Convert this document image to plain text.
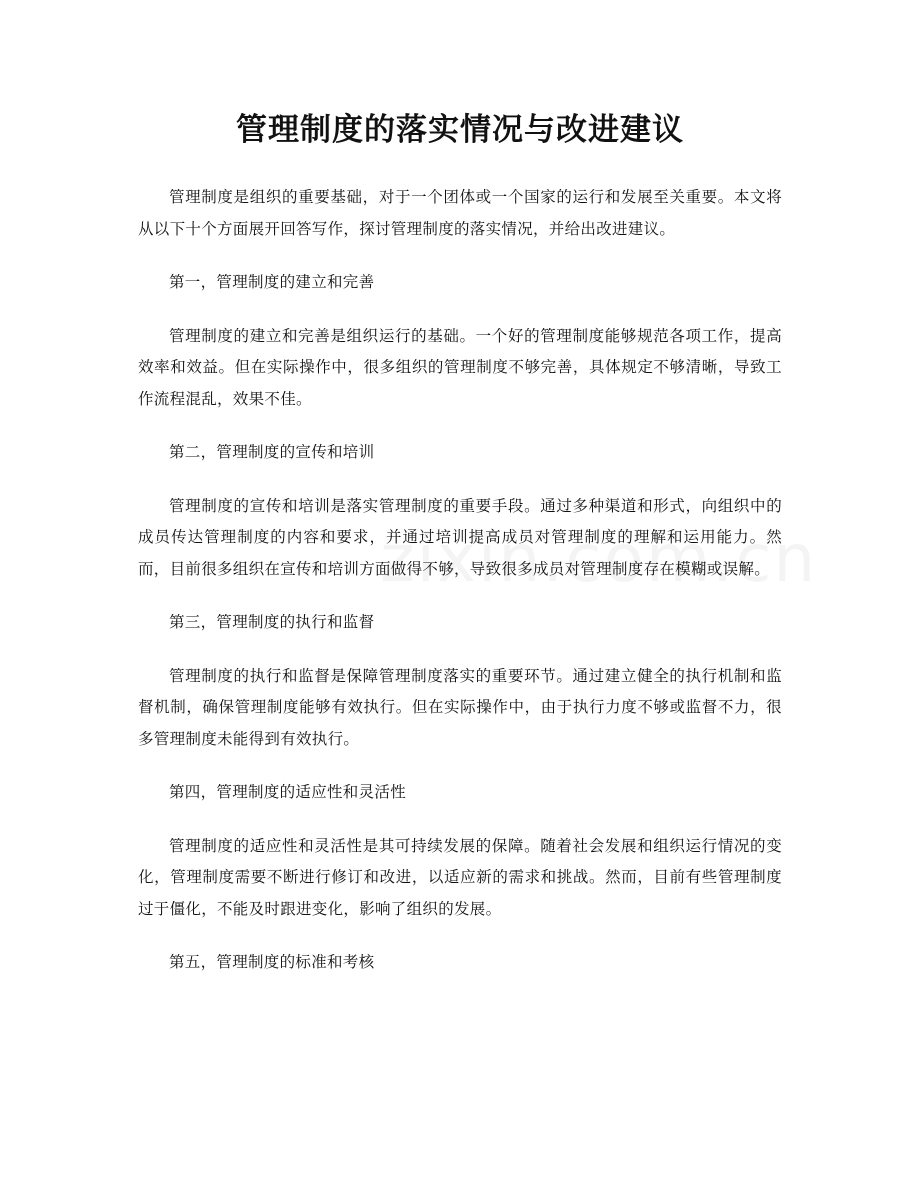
管理制度的落实情况与改进建议

管理制度是组织的重要基础，对于一个团体或一个国家的运行和发展至关重要。本文将从以下十个方面展开回答写作，探讨管理制度的落实情况，并给出改进建议。

第一，管理制度的建立和完善

管理制度的建立和完善是组织运行的基础。一个好的管理制度能够规范各项工作，提高效率和效益。但在实际操作中，很多组织的管理制度不够完善，具体规定不够清晰，导致工作流程混乱，效果不佳。

第二，管理制度的宣传和培训

管理制度的宣传和培训是落实管理制度的重要手段。通过多种渠道和形式，向组织中的成员传达管理制度的内容和要求，并通过培训提高成员对管理制度的理解和运用能力。然而，目前很多组织在宣传和培训方面做得不够，导致很多成员对管理制度存在模糊或误解。

第三，管理制度的执行和监督

管理制度的执行和监督是保障管理制度落实的重要环节。通过建立健全的执行机制和监督机制，确保管理制度能够有效执行。但在实际操作中，由于执行力度不够或监督不力，很多管理制度未能得到有效执行。

第四，管理制度的适应性和灵活性

管理制度的适应性和灵活性是其可持续发展的保障。随着社会发展和组织运行情况的变化，管理制度需要不断进行修订和改进，以适应新的需求和挑战。然而，目前有些管理制度过于僵化，不能及时跟进变化，影响了组织的发展。

第五，管理制度的标准和考核
